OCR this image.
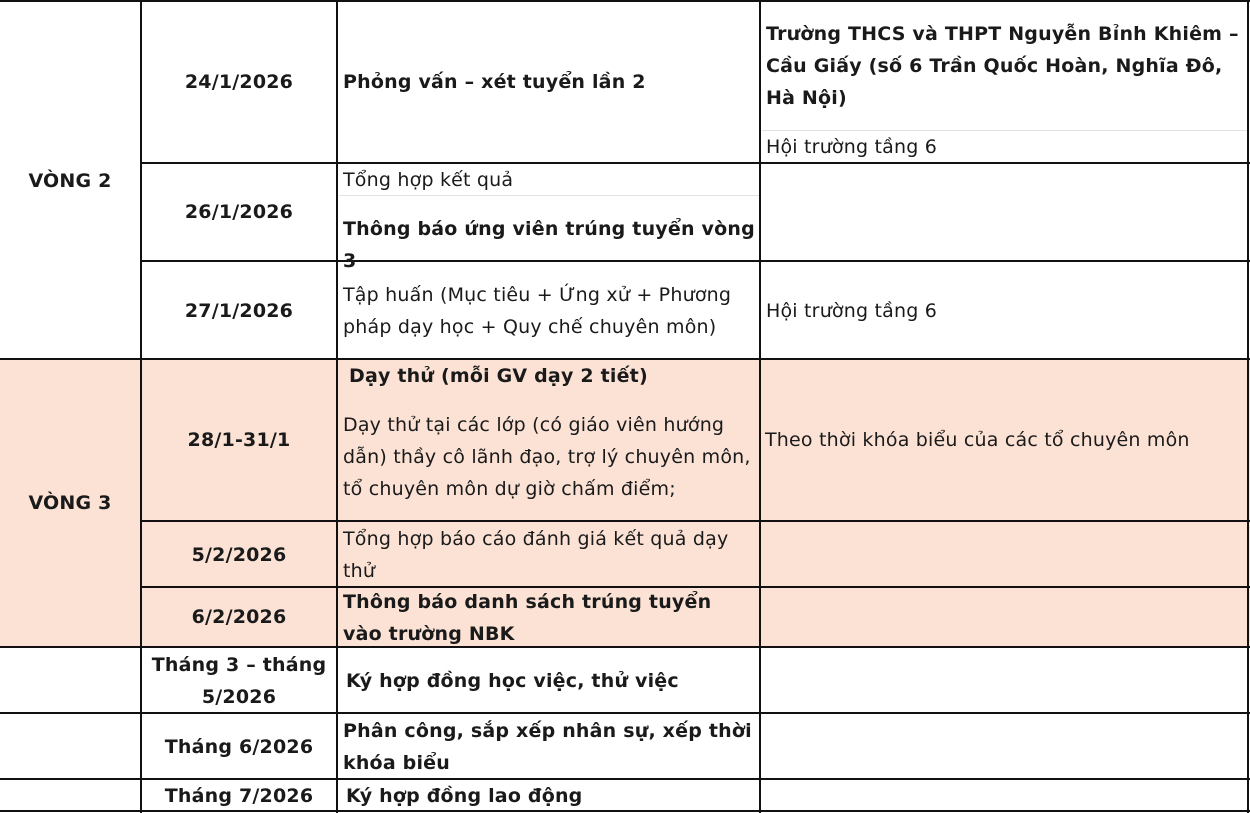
VÒNG 2
VÒNG 3
24/1/2026	Phỏng vấn – xét tuyển lần 2
Trường THCS và THPT Nguyễn Bỉnh Khiêm – Cầu Giấy (số 6 Trần Quốc Hoàn, Nghĩa Đô, Hà Nội)
Hội trường tầng 6
26/1/2026
Tổng hợp kết quả
Thông báo ứng viên trúng tuyển vòng 3
27/1/2026
Tập huấn (Mục tiêu + Ứng xử + Phương pháp dạy học + Quy chế chuyên môn)
Hội trường tầng 6
28/1-31/1
Dạy thử (mỗi GV dạy 2 tiết)
Dạy thử tại các lớp (có giáo viên hướng dẫn) thầy cô lãnh đạo, trợ lý chuyên môn, tổ chuyên môn dự giờ chấm điểm;
Theo thời khóa biểu của các tổ chuyên môn
5/2/2026
Tổng hợp báo cáo đánh giá kết quả dạy thử
6/2/2026
Thông báo danh sách trúng tuyển vào trường NBK
Tháng 3 – tháng 5/2026
Ký hợp đồng học việc, thử việc
Tháng 6/2026
Phân công, sắp xếp nhân sự, xếp thời khóa biểu
Tháng 7/2026	Ký hợp đồng lao động
